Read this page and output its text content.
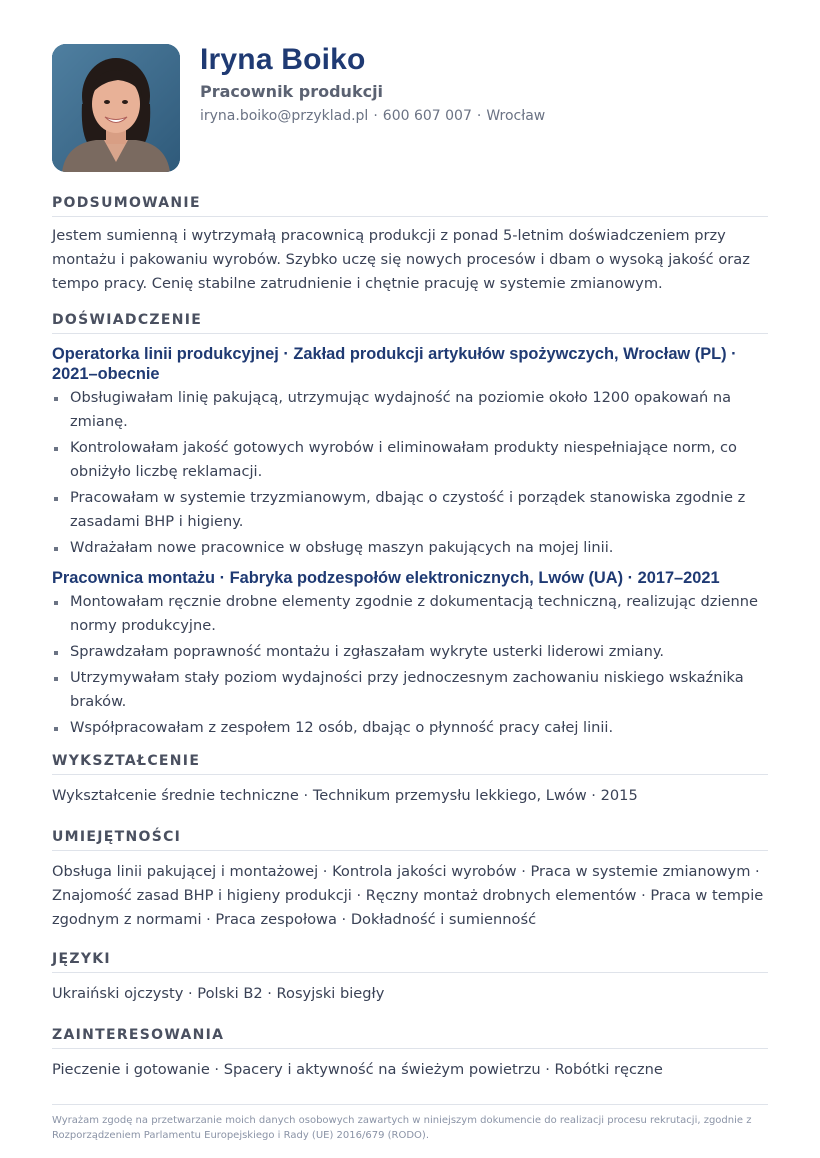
Iryna Boiko
Pracownik produkcji
iryna.boiko@przyklad.pl · 600 607 007 · Wrocław
PODSUMOWANIE
Jestem sumienną i wytrzymałą pracownicą produkcji z ponad 5-letnim doświadczeniem przy montażu i pakowaniu wyrobów. Szybko uczę się nowych procesów i dbam o wysoką jakość oraz tempo pracy. Cenię stabilne zatrudnienie i chętnie pracuję w systemie zmianowym.
DOŚWIADCZENIE
Operatorka linii produkcyjnej · Zakład produkcji artykułów spożywczych, Wrocław (PL) · 2021–obecnie
Obsługiwałam linię pakującą, utrzymując wydajność na poziomie około 1200 opakowań na zmianę.
Kontrolowałam jakość gotowych wyrobów i eliminowałam produkty niespełniające norm, co obniżyło liczbę reklamacji.
Pracowałam w systemie trzyzmianowym, dbając o czystość i porządek stanowiska zgodnie z zasadami BHP i higieny.
Wdrażałam nowe pracownice w obsługę maszyn pakujących na mojej linii.
Pracownica montażu · Fabryka podzespołów elektronicznych, Lwów (UA) · 2017–2021
Montowałam ręcznie drobne elementy zgodnie z dokumentacją techniczną, realizując dzienne normy produkcyjne.
Sprawdzałam poprawność montażu i zgłaszałam wykryte usterki liderowi zmiany.
Utrzymywałam stały poziom wydajności przy jednoczesnym zachowaniu niskiego wskaźnika braków.
Współpracowałam z zespołem 12 osób, dbając o płynność pracy całej linii.
WYKSZTAŁCENIE
Wykształcenie średnie techniczne · Technikum przemysłu lekkiego, Lwów · 2015
UMIEJĘTNOŚCI
Obsługa linii pakującej i montażowej · Kontrola jakości wyrobów · Praca w systemie zmianowym · Znajomość zasad BHP i higieny produkcji · Ręczny montaż drobnych elementów · Praca w tempie zgodnym z normami · Praca zespołowa · Dokładność i sumienność
JĘZYKI
Ukraiński ojczysty · Polski B2 · Rosyjski biegły
ZAINTERESOWANIA
Pieczenie i gotowanie · Spacery i aktywność na świeżym powietrzu · Robótki ręczne
Wyrażam zgodę na przetwarzanie moich danych osobowych zawartych w niniejszym dokumencie do realizacji procesu rekrutacji, zgodnie z Rozporządzeniem Parlamentu Europejskiego i Rady (UE) 2016/679 (RODO).
